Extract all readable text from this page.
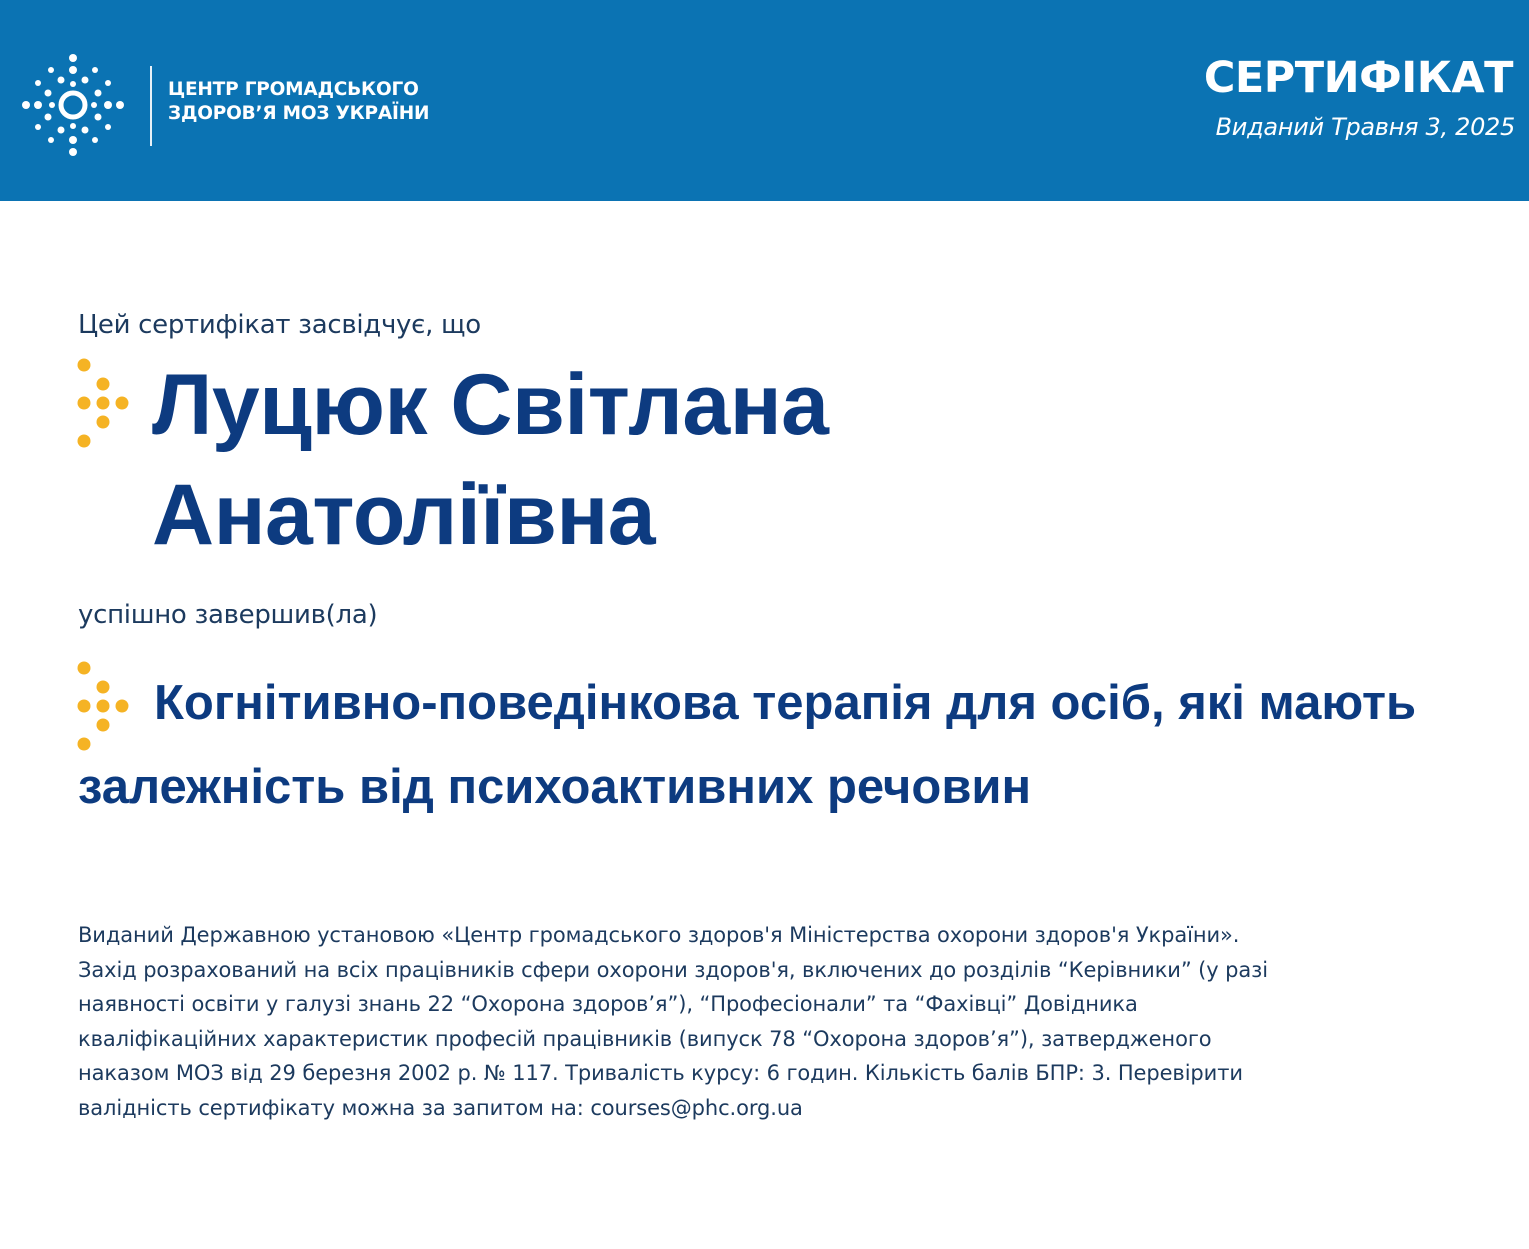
ЦЕНТР ГРОМАДСЬКОГО
ЗДОРОВ’Я МОЗ УКРАЇНИ
СЕРТИФІКАТ
Виданий Травня 3, 2025
Цей сертифікат засвідчує, що
Луцюк Світлана
Анатоліївна
успішно завершив(ла)
Когнітивно-поведінкова терапія для осіб, які мають залежність від психоактивних речовин
Виданий Державною установою «Центр громадського здоров'я Міністерства охорони здоров'я України».
Захід розрахований на всіх працівників сфери охорони здоров'я, включених до розділів “Керівники” (у разі
наявності освіти у галузі знань 22 “Охорона здоров’я”), “Професіонали” та “Фахівці” Довідника
кваліфікаційних характеристик професій працівників (випуск 78 “Охорона здоров’я”), затвердженого
наказом МОЗ від 29 березня 2002 р. № 117. Тривалість курсу: 6 годин. Кількість балів БПР: 3. Перевірити
валідність сертифікату можна за запитом на: courses@phc.org.ua
